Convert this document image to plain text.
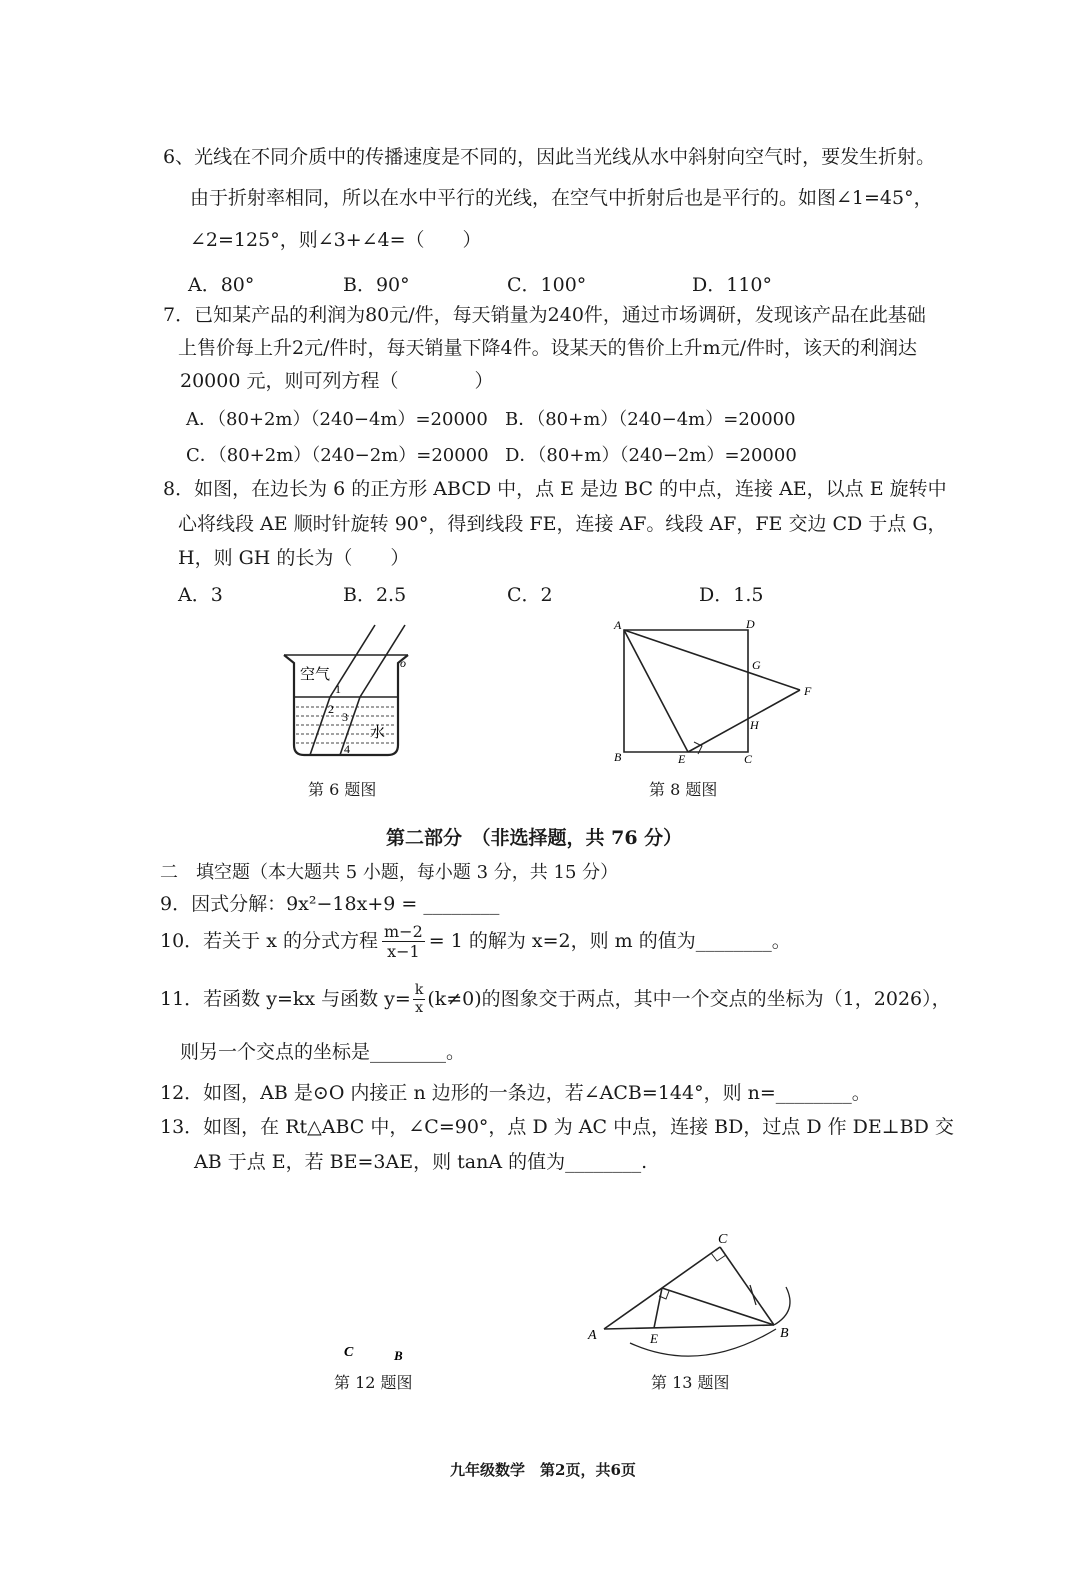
6、光线在不同介质中的传播速度是不同的，因此当光线从水中斜射向空气时，要发生折射。
由于折射率相同，所以在水中平行的光线，在空气中折射后也是平行的。如图∠1=45°，
∠2=125°，则∠3+∠4=（　　）
A．80°	B．90°	C．100°	D．110°
7．已知某产品的利润为80元/件，每天销量为240件，通过市场调研，发现该产品在此基础
上售价每上升2元/件时，每天销量下降4件。设某天的售价上升m元/件时，该天的利润达
20000 元，则可列方程（　　　　）
A．（80+2m）（240−4m）=20000 B．（80+m）（240−4m）=20000
C．（80+2m）（240−2m）=20000 D．（80+m）（240−2m）=20000
8．如图，在边长为 6 的正方形 ABCD 中，点 E 是边 BC 的中点，连接 AE，以点 E 旋转中
心将线段 AE 顺时针旋转 90°，得到线段 FE，连接 AF。线段 AF，FE 交边 CD 于点 G，
H，则 GH 的长为（　　）
A．3	B．2.5	C．2	D．1.5
空气
水
1
2
3
4
o
第 6 题图
A
B
D
C
G
F
H
E
第 8 题图
第二部分　（非选择题，共 76 分）
二　填空题（本大题共 5 小题，每小题 3 分，共 15 分）
9．因式分解：9x²−18x+9 = ________
10．若关于 x 的分式方程 $\frac{m-2}{x-1} = 1$ 的解为 x=2，则 m 的值为________。
11．若函数 y=kx 与函数 $y= \frac{k}{x} (k\ne 0)$的图象交于两点，其中一个交点的坐标为（1，2026），
则另一个交点的坐标是________。
12．如图，AB 是⊙O 内接正 n 边形的一条边，若∠ACB=144°，则 n=________。
13．如图，在 Rt△ABC 中，∠C=90°，点 D 为 AC 中点，连接 BD，过点 D 作 DE⊥BD 交
AB 于点 E，若 BE=3AE，则 tanA 的值为________.
C	B
第 12 题图
A	B
C
E
第 13 题图
九年级数学　第2页，共6页
